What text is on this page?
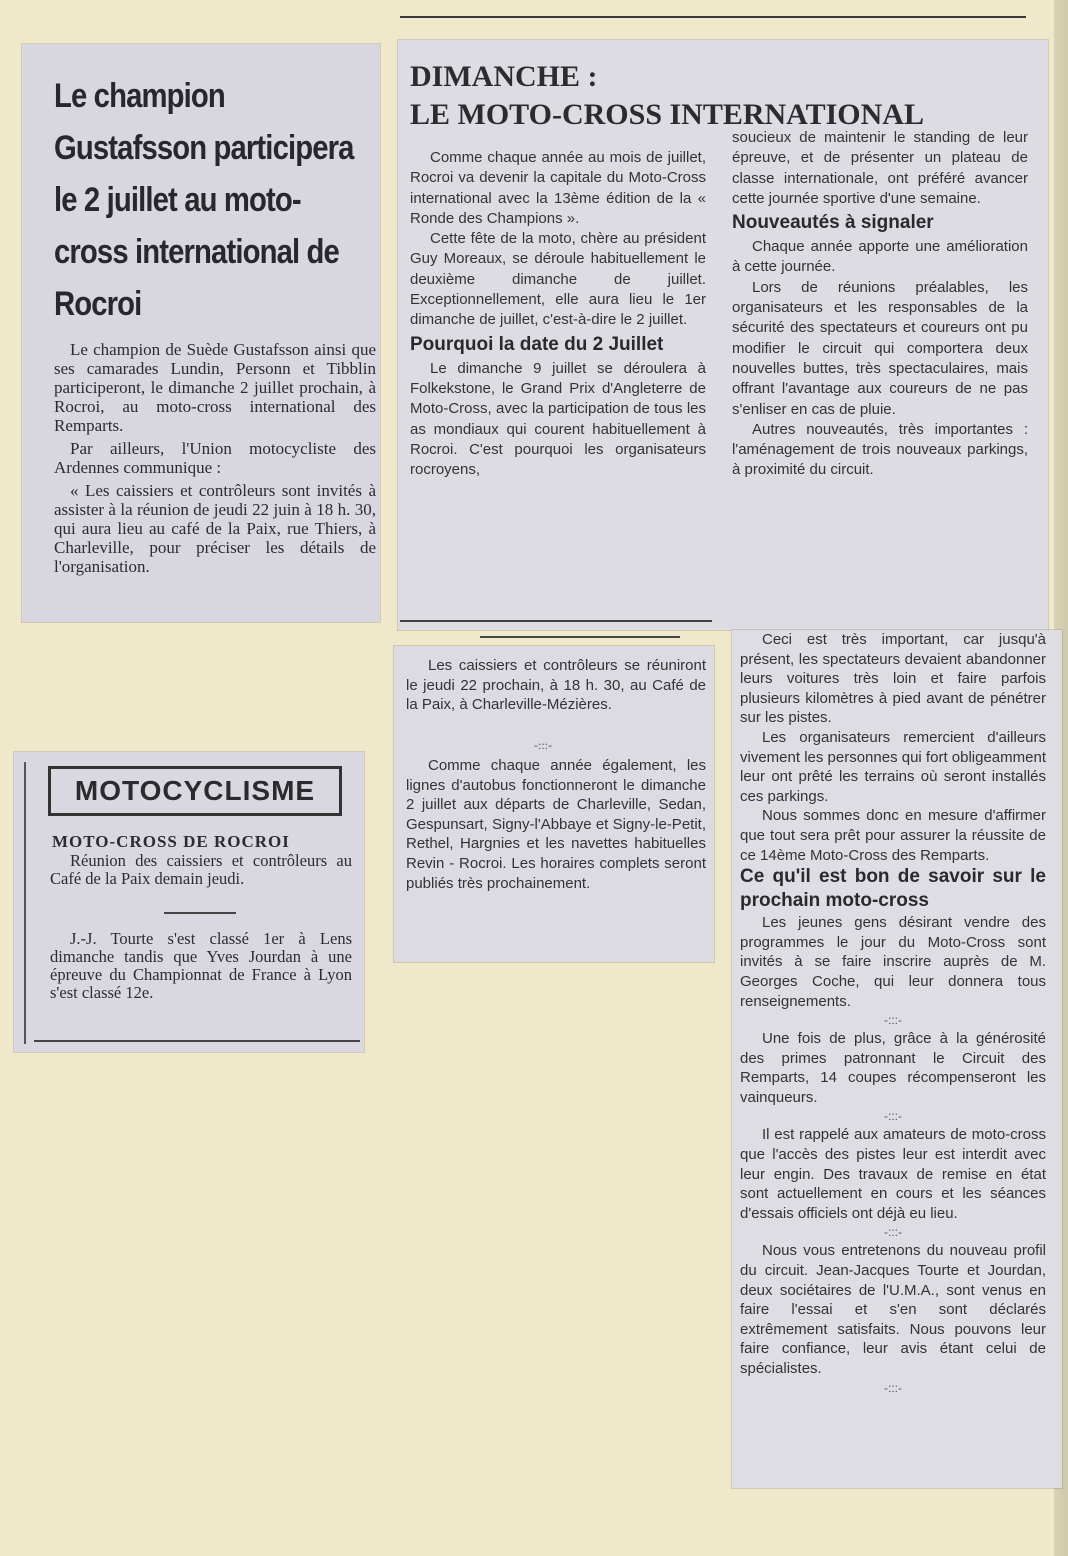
Le champion Gustafsson participera le 2 juillet au moto-cross international de Rocroi

Le champion de Suède Gustafsson ainsi que ses camarades Lundin, Personn et Tibblin participeront, le dimanche 2 juillet prochain, à Rocroi, au moto-cross international des Remparts.

Par ailleurs, l'Union motocycliste des Ardennes communique :

« Les caissiers et contrôleurs sont invités à assister à la réunion de jeudi 22 juin à 18 h. 30, qui aura lieu au café de la Paix, rue Thiers, à Charleville, pour préciser les détails de l'organisation.

DIMANCHE :
LE MOTO-CROSS INTERNATIONAL

Comme chaque année au mois de juillet, Rocroi va devenir la capitale du Moto-Cross international avec la 13ème édition de la « Ronde des Champions ».

Cette fête de la moto, chère au président Guy Moreaux, se déroule habituellement le deuxième dimanche de juillet. Exceptionnellement, elle aura lieu le 1er dimanche de juillet, c'est-à-dire le 2 juillet.

Pourquoi la date du 2 Juillet

Le dimanche 9 juillet se déroulera à Folkekstone, le Grand Prix d'Angleterre de Moto-Cross, avec la participation de tous les as mondiaux qui courent habituellement à Rocroi. C'est pourquoi les organisateurs rocroyens,

soucieux de maintenir le standing de leur épreuve, et de présenter un plateau de classe internationale, ont préféré avancer cette journée sportive d'une semaine.

Nouveautés à signaler

Chaque année apporte une amélioration à cette journée.

Lors de réunions préalables, les organisateurs et les responsables de la sécurité des spectateurs et coureurs ont pu modifier le circuit qui comportera deux nouvelles buttes, très spectaculaires, mais offrant l'avantage aux coureurs de ne pas s'enliser en cas de pluie.

Autres nouveautés, très importantes : l'aménagement de trois nouveaux parkings, à proximité du circuit.

MOTOCYCLISME
MOTO-CROSS DE ROCROI
Réunion des caissiers et contrôleurs au Café de la Paix demain jeudi.
J.-J. Tourte s'est classé 1er à Lens dimanche tandis que Yves Jourdan à une épreuve du Championnat de France à Lyon s'est classé 12e.

Les caissiers et contrôleurs se réuniront le jeudi 22 prochain, à 18 h. 30, au Café de la Paix, à Charleville-Mézières.

-:::-

Comme chaque année également, les lignes d'autobus fonctionneront le dimanche 2 juillet aux départs de Charleville, Sedan, Gespunsart, Signy-l'Abbaye et Signy-le-Petit, Rethel, Hargnies et les navettes habituelles Revin - Rocroi. Les horaires complets seront publiés très prochainement.

Ceci est très important, car jusqu'à présent, les spectateurs devaient abandonner leurs voitures très loin et faire parfois plusieurs kilomètres à pied avant de pénétrer sur les pistes.

Les organisateurs remercient d'ailleurs vivement les personnes qui fort obligeamment leur ont prêté les terrains où seront installés ces parkings.

Nous sommes donc en mesure d'affirmer que tout sera prêt pour assurer la réussite de ce 14ème Moto-Cross des Remparts.

Ce qu'il est bon de savoir sur le prochain moto-cross

Les jeunes gens désirant vendre des programmes le jour du Moto-Cross sont invités à se faire inscrire auprès de M. Georges Coche, qui leur donnera tous renseignements.

-:::-

Une fois de plus, grâce à la générosité des primes patronnant le Circuit des Remparts, 14 coupes récompenseront les vainqueurs.

-:::-

Il est rappelé aux amateurs de moto-cross que l'accès des pistes leur est interdit avec leur engin. Des travaux de remise en état sont actuellement en cours et les séances d'essais officiels ont déjà eu lieu.

-:::-

Nous vous entretenons du nouveau profil du circuit. Jean-Jacques Tourte et Jourdan, deux sociétaires de l'U.M.A., sont venus en faire l'essai et s'en sont déclarés extrêmement satisfaits. Nous pouvons leur faire confiance, leur avis étant celui de spécialistes.

-:::-
